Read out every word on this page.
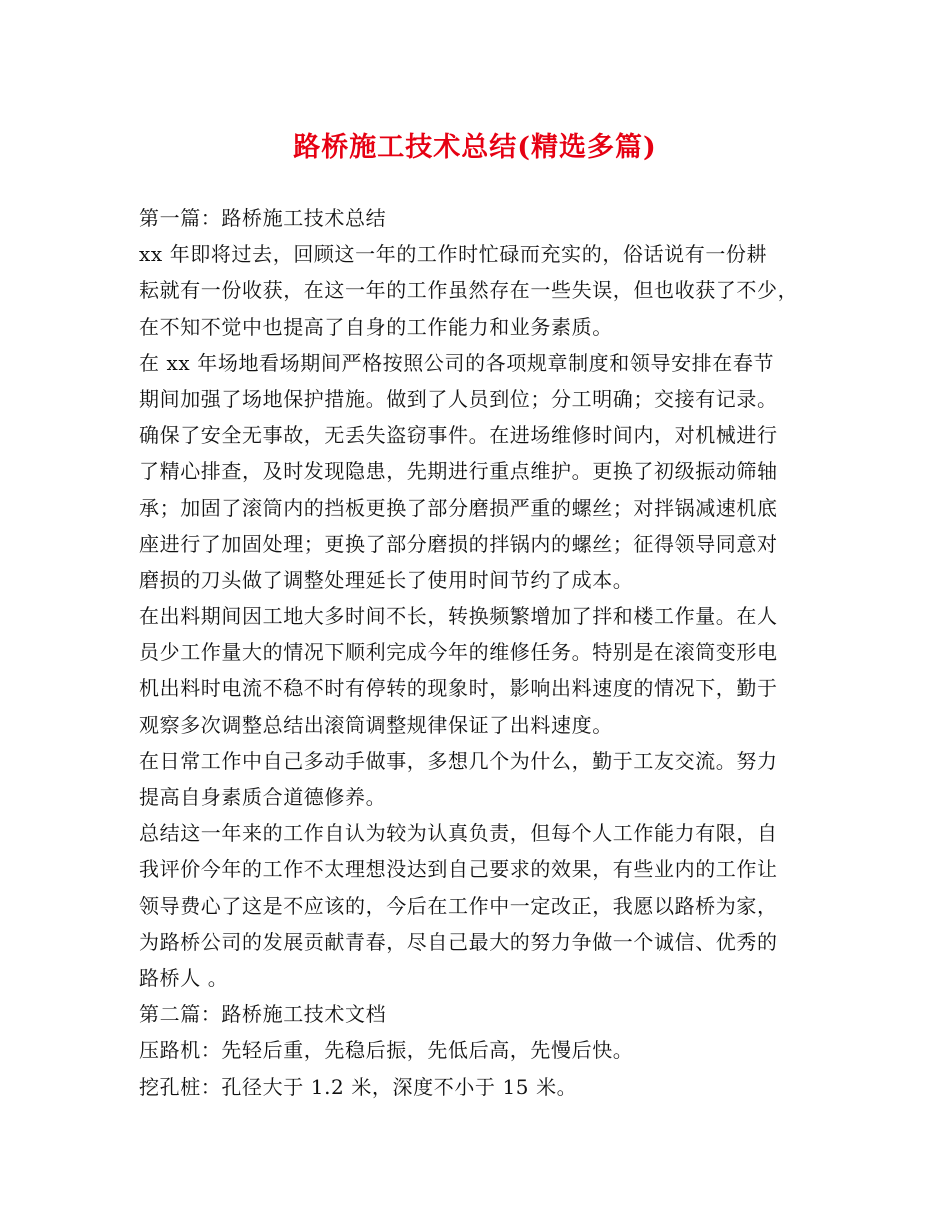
路桥施工技术总结(精选多篇)
第一篇：路桥施工技术总结
xx 年即将过去，回顾这一年的工作时忙碌而充实的，俗话说有一份耕
耘就有一份收获，在这一年的工作虽然存在一些失误，但也收获了不少，
在不知不觉中也提高了自身的工作能力和业务素质。
在 xx 年场地看场期间严格按照公司的各项规章制度和领导安排在春节
期间加强了场地保护措施。做到了人员到位；分工明确；交接有记录。
确保了安全无事故，无丢失盗窃事件。在进场维修时间内，对机械进行
了精心排查，及时发现隐患，先期进行重点维护。更换了初级振动筛轴
承；加固了滚筒内的挡板更换了部分磨损严重的螺丝；对拌锅减速机底
座进行了加固处理；更换了部分磨损的拌锅内的螺丝；征得领导同意对
磨损的刀头做了调整处理延长了使用时间节约了成本。
在出料期间因工地大多时间不长，转换频繁增加了拌和楼工作量。在人
员少工作量大的情况下顺利完成今年的维修任务。特别是在滚筒变形电
机出料时电流不稳不时有停转的现象时，影响出料速度的情况下，勤于
观察多次调整总结出滚筒调整规律保证了出料速度。
在日常工作中自己多动手做事，多想几个为什么，勤于工友交流。努力
提高自身素质合道德修养。
总结这一年来的工作自认为较为认真负责，但每个人工作能力有限，自
我评价今年的工作不太理想没达到自己要求的效果，有些业内的工作让
领导费心了这是不应该的，今后在工作中一定改正，我愿以路桥为家，
为路桥公司的发展贡献青春，尽自己最大的努力争做一个诚信、优秀的
路桥人 。
第二篇：路桥施工技术文档
压路机：先轻后重，先稳后振，先低后高，先慢后快。
挖孔桩：孔径大于 1.2 米，深度不小于 15 米。
